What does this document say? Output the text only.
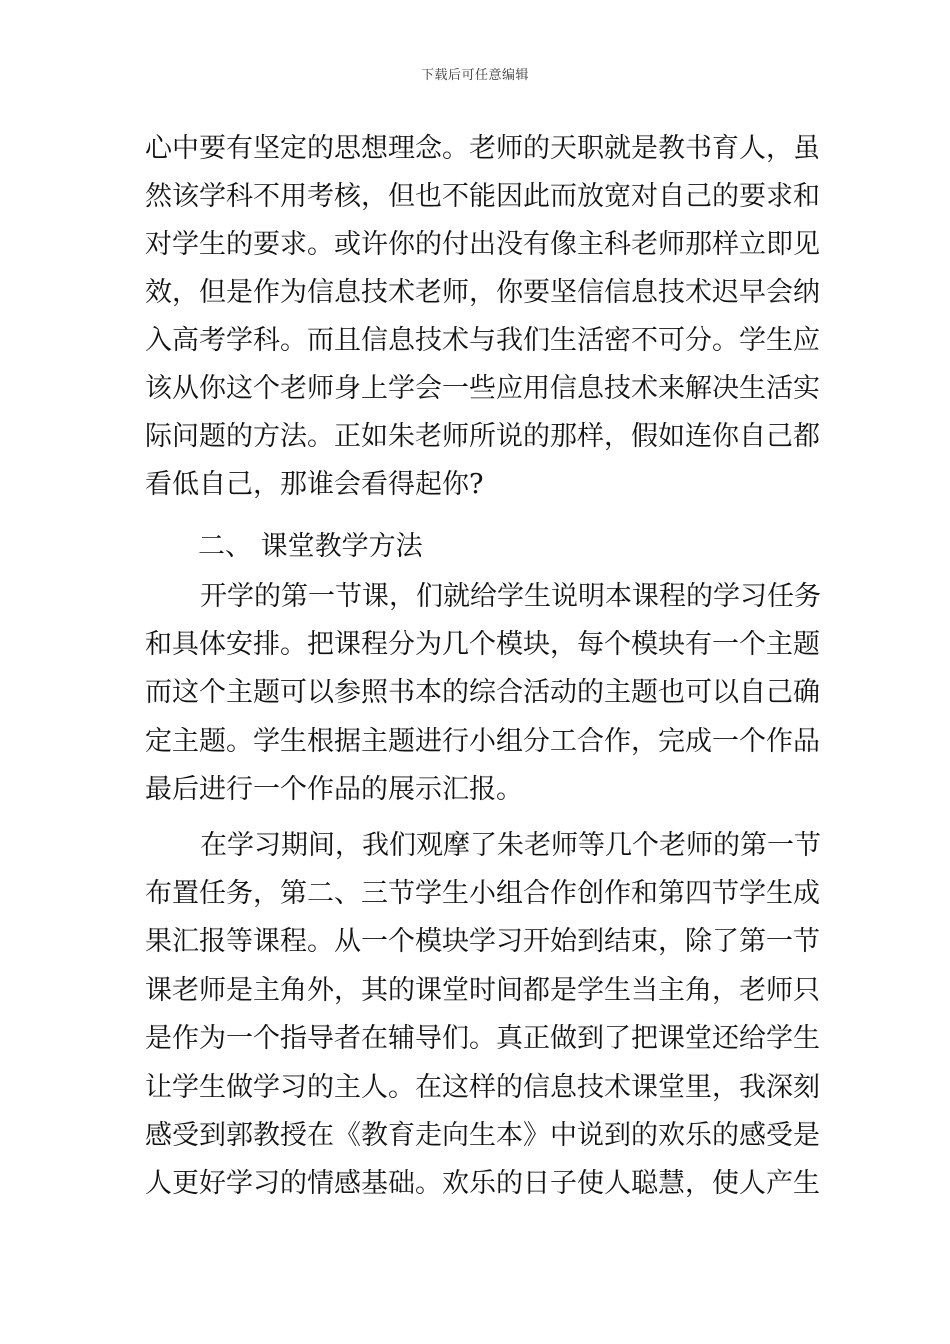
下载后可任意编辑
心中要有坚定的思想理念。老师的天职就是教书育人，虽
然该学科不用考核，但也不能因此而放宽对自己的要求和
对学生的要求。或许你的付出没有像主科老师那样立即见
效，但是作为信息技术老师，你要坚信信息技术迟早会纳
入高考学科。而且信息技术与我们生活密不可分。学生应
该从你这个老师身上学会一些应用信息技术来解决生活实
际问题的方法。正如朱老师所说的那样，假如连你自己都
看低自己，那谁会看得起你?
二、 课堂教学方法
开学的第一节课，们就给学生说明本课程的学习任务
和具体安排。把课程分为几个模块，每个模块有一个主题
而这个主题可以参照书本的综合活动的主题也可以自己确
定主题。学生根据主题进行小组分工合作，完成一个作品
最后进行一个作品的展示汇报。
在学习期间，我们观摩了朱老师等几个老师的第一节
布置任务，第二、三节学生小组合作创作和第四节学生成
果汇报等课程。从一个模块学习开始到结束，除了第一节
课老师是主角外，其的课堂时间都是学生当主角，老师只
是作为一个指导者在辅导们。真正做到了把课堂还给学生
让学生做学习的主人。在这样的信息技术课堂里，我深刻
感受到郭教授在《教育走向生本》中说到的欢乐的感受是
人更好学习的情感基础。欢乐的日子使人聪慧，使人产生
